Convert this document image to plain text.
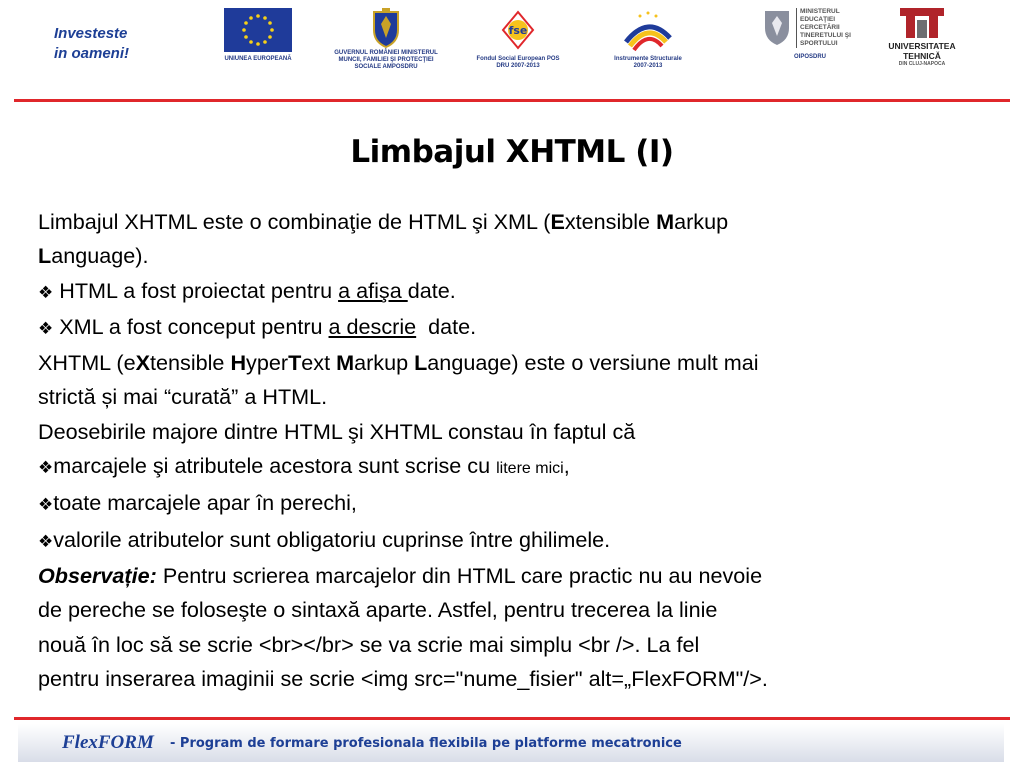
Investeste
in oameni!	UNIUNEA EUROPEANĂ
GUVERNUL ROMÂNIEI MINISTERUL MUNCII, FAMILIEI ŞI PROTECŢIEI SOCIALE AMPOSDRU
fse
Fondul Social European POS DRU 2007-2013
Instrumente Structurale 2007-2013
MINISTERUL EDUCAŢIEI CERCETĂRII TINERETULUI ŞI SPORTULUI
OIPOSDRU
UNIVERSITATEA TEHNICĂ
DIN CLUJ-NAPOCA
Limbajul XHTML (I)

Limbajul XHTML este o combinaţie de HTML şi XML (Extensible Markup

Language).

❖ HTML a fost proiectat pentru a afişa date.

❖ XML a fost conceput pentru a descrie  date.

XHTML (eXtensible HyperText Markup Language) este o versiune mult mai

strictă și mai “curată” a HTML.

Deosebirile majore dintre HTML şi XHTML constau în faptul că

❖marcajele şi atributele acestora sunt scrise cu litere mici,

❖toate marcajele apar în perechi,

❖valorile atributelor sunt obligatoriu cuprinse între ghilimele.

Observație: Pentru scrierea marcajelor din HTML care practic nu au nevoie

de pereche se foloseşte o sintaxă aparte. Astfel, pentru trecerea la linie

nouă în loc să se scrie <br></br> se va scrie mai simplu <br />. La fel

pentru inserarea imaginii se scrie <img src="nume_fisier" alt=„FlexFORM"/>.

FlexFORM - Program de formare profesionala flexibila pe platforme mecatronice
